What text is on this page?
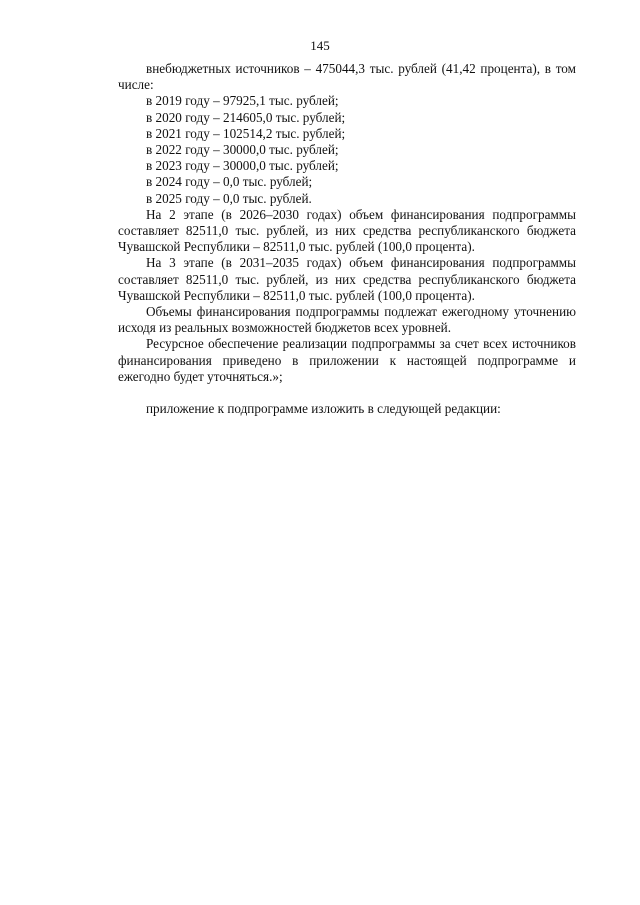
145

внебюджетных источников – 475044,3 тыс. рублей (41,42 процента), в том числе:

в 2019 году – 97925,1 тыс. рублей;

в 2020 году – 214605,0 тыс. рублей;

в 2021 году – 102514,2 тыс. рублей;

в 2022 году – 30000,0 тыс. рублей;

в 2023 году – 30000,0 тыс. рублей;

в 2024 году – 0,0 тыс. рублей;

в 2025 году – 0,0 тыс. рублей.

На 2 этапе (в 2026–2030 годах) объем финансирования подпрограммы составляет 82511,0 тыс. рублей, из них средства республиканского бюджета Чувашской Республики – 82511,0 тыс. рублей (100,0 процента).

На 3 этапе (в 2031–2035 годах) объем финансирования подпрограммы составляет 82511,0 тыс. рублей, из них средства республиканского бюджета Чувашской Республики – 82511,0 тыс. рублей (100,0 процента).

Объемы финансирования подпрограммы подлежат ежегодному уточнению исходя из реальных возможностей бюджетов всех уровней.

Ресурсное обеспечение реализации подпрограммы за счет всех источников финансирования приведено в приложении к настоящей подпрограмме и ежегодно будет уточняться.»;

приложение к подпрограмме изложить в следующей редакции:
